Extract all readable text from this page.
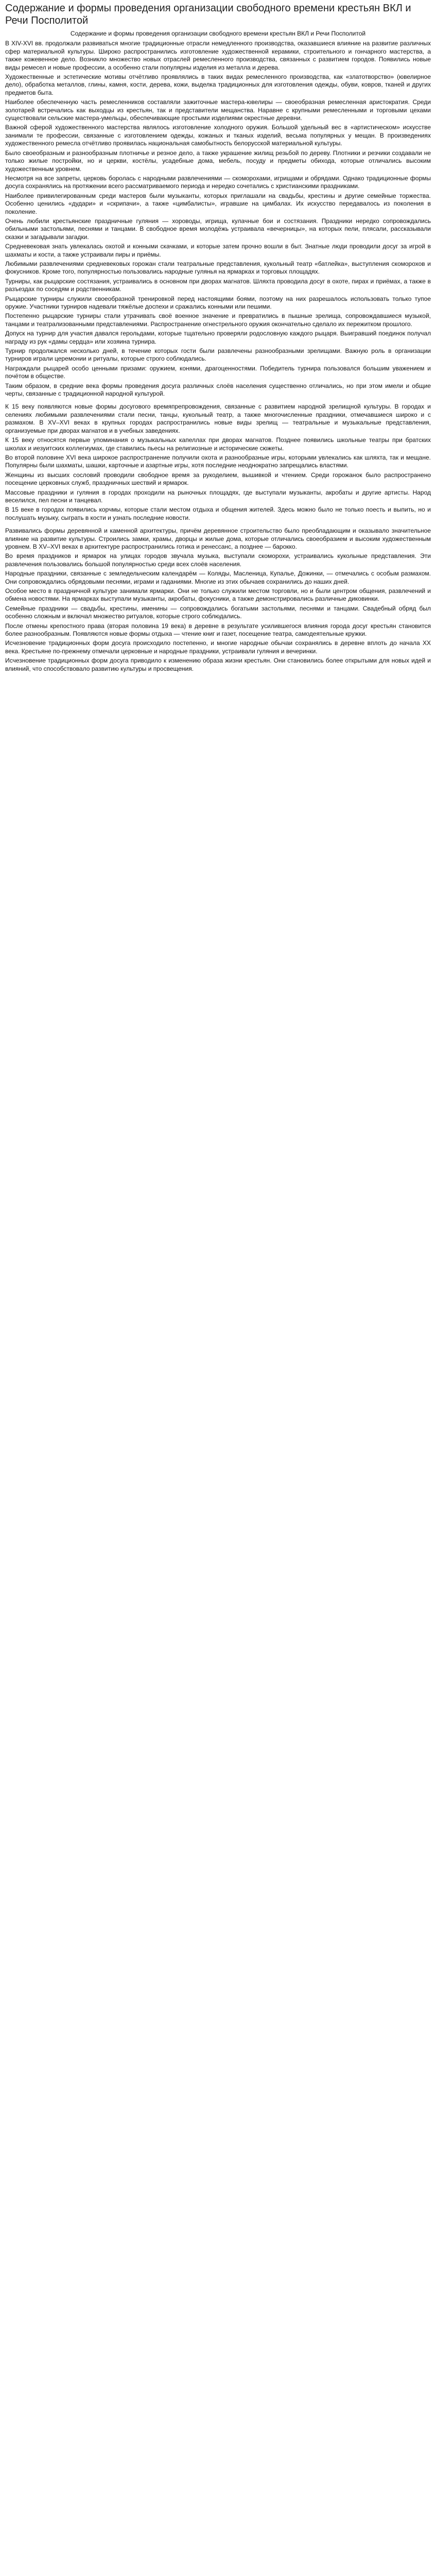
Содержание и формы проведения организации свободного времени крестьян ВКЛ и Речи Посполитой

Содержание и формы проведения организации свободного времени крестьян ВКЛ и Речи Посполитой

В XIV-XVI вв. продолжали развиваться многие традиционные отрасли немедленного производства, оказавшиеся влияние на развитие различных сфер материальной культуры. Широко распространились изготовление художественной керамики, строительного и гончарного мастерства, а также кожевенное дело. Возникло множество новых отраслей ремесленного производства, связанных с развитием городов. Появились новые виды ремесел и новые профессии, а особенно стали популярны изделия из металла и дерева.

Художественные и эстетические мотивы отчётливо проявлялись в таких видах ремесленного производства, как «златотворство» (ювелирное дело), обработка металлов, глины, камня, кости, дерева, кожи, выделка традиционных для изготовления одежды, обуви, ковров, тканей и других предметов быта.

Наиболее обеспеченную часть ремесленников составляли зажиточные мастера-ювелиры — своеобразная ремесленная аристократия. Среди золотарей встречались как выходцы из крестьян, так и представители мещанства. Наравне с крупными ремесленными и торговыми цехами существовали сельские мастера-умельцы, обеспечивающие простыми изделиями окрестные деревни.

Важной сферой художественного мастерства являлось изготовление холодного оружия. Большой удельный вес в «артистическом» искусстве занимали те профессии, связанные с изготовлением одежды, кожаных и тканых изделий, весьма популярных у мещан. В произведениях художественного ремесла отчётливо проявилась национальная самобытность белорусской материальной культуры.

Было своеобразным и разнообразным плотничье и резное дело, а также украшение жилищ резьбой по дереву. Плотники и резчики создавали не только жилые постройки, но и церкви, костёлы, усадебные дома, мебель, посуду и предметы обихода, которые отличались высоким художественным уровнем.

Несмотря на все запреты, церковь боролась с народными развлечениями — скоморохами, игрищами и обрядами. Однако традиционные формы досуга сохранялись на протяжении всего рассматриваемого периода и нередко сочетались с христианскими праздниками.

Наиболее привилегированным среди мастеров были музыканты, которых приглашали на свадьбы, крестины и другие семейные торжества. Особенно ценились «дудари» и «скрипачи», а также «цимбалисты», игравшие на цимбалах. Их искусство передавалось из поколения в поколение.

Очень любили крестьянские праздничные гуляния — хороводы, игрища, кулачные бои и состязания. Праздники нередко сопровождались обильными застольями, песнями и танцами. В свободное время молодёжь устраивала «вечерницы», на которых пели, плясали, рассказывали сказки и загадывали загадки.

Средневековая знать увлекалась охотой и конными скачками, и которые затем прочно вошли в быт. Знатные люди проводили досуг за игрой в шахматы и кости, а также устраивали пиры и приёмы.

Любимыми развлечениями средневековых горожан стали театральные представления, кукольный театр «батлейка», выступления скоморохов и фокусников. Кроме того, популярностью пользовались народные гулянья на ярмарках и торговых площадях.

Турниры, как рыцарские состязания, устраивались в основном при дворах магнатов. Шляхта проводила досуг в охоте, пирах и приёмах, а также в разъездах по соседям и родственникам.

Рыцарские турниры служили своеобразной тренировкой перед настоящими боями, поэтому на них разрешалось использовать только тупое оружие. Участники турниров надевали тяжёлые доспехи и сражались конными или пешими.

Постепенно рыцарские турниры стали утрачивать своё военное значение и превратились в пышные зрелища, сопровождавшиеся музыкой, танцами и театрализованными представлениями. Распространение огнестрельного оружия окончательно сделало их пережитком прошлого.

Допуск на турнир для участия давался герольдами, которые тщательно проверяли родословную каждого рыцаря. Выигравший поединок получал награду из рук «дамы сердца» или хозяина турнира.

Турнир продолжался несколько дней, в течение которых гости были развлечены разнообразными зрелищами. Важную роль в организации турниров играли церемонии и ритуалы, которые строго соблюдались.

Награждали рыцарей особо ценными призами: оружием, конями, драгоценностями. Победитель турнира пользовался большим уважением и почётом в обществе.

Таким образом, в средние века формы проведения досуга различных слоёв населения существенно отличались, но при этом имели и общие черты, связанные с традиционной народной культурой.

К 15 веку появляются новые формы досугового времяпрепровождения, связанные с развитием народной зрелищной культуры. В городах и селениях любимыми развлечениями стали песни, танцы, кукольный театр, а также многочисленные праздники, отмечавшиеся широко и с размахом. В XV–XVI веках в крупных городах распространились новые виды зрелищ — театральные и музыкальные представления, организуемые при дворах магнатов и в учебных заведениях.

К 15 веку относятся первые упоминания о музыкальных капеллах при дворах магнатов. Позднее появились школьные театры при братских школах и иезуитских коллегиумах, где ставились пьесы на религиозные и исторические сюжеты.

Во второй половине XVI века широкое распространение получили охота и разнообразные игры, которыми увлекались как шляхта, так и мещане. Популярны были шахматы, шашки, карточные и азартные игры, хотя последние неоднократно запрещались властями.

Женщины из высших сословий проводили свободное время за рукоделием, вышивкой и чтением. Среди горожанок было распространено посещение церковных служб, праздничных шествий и ярмарок.

Массовые праздники и гуляния в городах проходили на рыночных площадях, где выступали музыканты, акробаты и другие артисты. Народ веселился, пел песни и танцевал.

В 15 веке в городах появились корчмы, которые стали местом отдыха и общения жителей. Здесь можно было не только поесть и выпить, но и послушать музыку, сыграть в кости и узнать последние новости.

Развивались формы деревянной и каменной архитектуры, причём деревянное строительство было преобладающим и оказывало значительное влияние на развитие культуры. Строились замки, храмы, дворцы и жилые дома, которые отличались своеобразием и высоким художественным уровнем. В XV–XVI веках в архитектуре распространились готика и ренессанс, а позднее — барокко.

Во время праздников и ярмарок на улицах городов звучала музыка, выступали скоморохи, устраивались кукольные представления. Эти развлечения пользовались большой популярностью среди всех слоёв населения.

Народные праздники, связанные с земледельческим календарём — Коляды, Масленица, Купалье, Дожинки, — отмечались с особым размахом. Они сопровождались обрядовыми песнями, играми и гаданиями. Многие из этих обычаев сохранились до наших дней.

Особое место в праздничной культуре занимали ярмарки. Они не только служили местом торговли, но и были центром общения, развлечений и обмена новостями. На ярмарках выступали музыканты, акробаты, фокусники, а также демонстрировались различные диковинки.

Семейные праздники — свадьбы, крестины, именины — сопровождались богатыми застольями, песнями и танцами. Свадебный обряд был особенно сложным и включал множество ритуалов, которые строго соблюдались.

После отмены крепостного права (вторая половина 19 века) в деревне в результате усилившегося влияния города досуг крестьян становится более разнообразным. Появляются новые формы отдыха — чтение книг и газет, посещение театра, самодеятельные кружки.

Исчезновение традиционных форм досуга происходило постепенно, и многие народные обычаи сохранялись в деревне вплоть до начала XX века. Крестьяне по-прежнему отмечали церковные и народные праздники, устраивали гуляния и вечеринки.

Исчезновение традиционных форм досуга приводило к изменению образа жизни крестьян. Они становились более открытыми для новых идей и влияний, что способствовало развитию культуры и просвещения.
